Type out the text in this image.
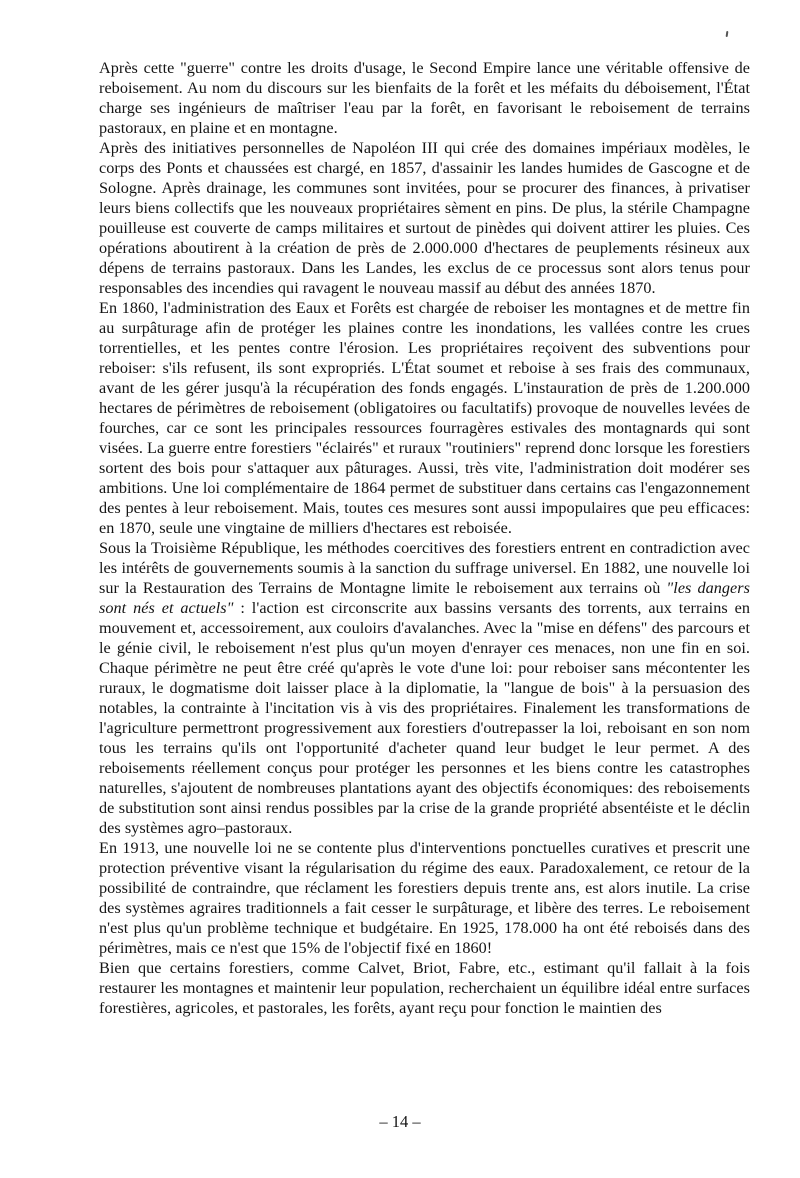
Après cette "guerre" contre les droits d'usage, le Second Empire lance une véritable offensive de reboisement. Au nom du discours sur les bienfaits de la forêt et les méfaits du déboisement, l'État charge ses ingénieurs de maîtriser l'eau par la forêt, en favorisant le reboisement de terrains pastoraux, en plaine et en montagne.

Après des initiatives personnelles de Napoléon III qui crée des domaines impériaux modèles, le corps des Ponts et chaussées est chargé, en 1857, d'assainir les landes humides de Gascogne et de Sologne. Après drainage, les communes sont invitées, pour se procurer des finances, à privatiser leurs biens collectifs que les nouveaux propriétaires sèment en pins. De plus, la stérile Champagne pouilleuse est couverte de camps militaires et surtout de pinèdes qui doivent attirer les pluies. Ces opérations aboutirent à la création de près de 2.000.000 d'hectares de peuplements résineux aux dépens de terrains pastoraux. Dans les Landes, les exclus de ce processus sont alors tenus pour responsables des incendies qui ravagent le nouveau massif au début des années 1870.

En 1860, l'administration des Eaux et Forêts est chargée de reboiser les montagnes et de mettre fin au surpâturage afin de protéger les plaines contre les inondations, les vallées contre les crues torrentielles, et les pentes contre l'érosion. Les propriétaires reçoivent des subventions pour reboiser: s'ils refusent, ils sont expropriés. L'État soumet et reboise à ses frais des communaux, avant de les gérer jusqu'à la récupération des fonds engagés. L'instauration de près de 1.200.000 hectares de périmètres de reboisement (obligatoires ou facultatifs) provoque de nouvelles levées de fourches, car ce sont les principales ressources fourragères estivales des montagnards qui sont visées. La guerre entre forestiers "éclairés" et ruraux "routiniers" reprend donc lorsque les forestiers sortent des bois pour s'attaquer aux pâturages. Aussi, très vite, l'administration doit modérer ses ambitions. Une loi complémentaire de 1864 permet de substituer dans certains cas l'engazonnement des pentes à leur reboisement. Mais, toutes ces mesures sont aussi impopulaires que peu efficaces: en 1870, seule une vingtaine de milliers d'hectares est reboisée.

Sous la Troisième République, les méthodes coercitives des forestiers entrent en contradiction avec les intérêts de gouvernements soumis à la sanction du suffrage universel. En 1882, une nouvelle loi sur la Restauration des Terrains de Montagne limite le reboisement aux terrains où "les dangers sont nés et actuels" : l'action est circonscrite aux bassins versants des torrents, aux terrains en mouvement et, accessoirement, aux couloirs d'avalanches. Avec la "mise en défens" des parcours et le génie civil, le reboisement n'est plus qu'un moyen d'enrayer ces menaces, non une fin en soi. Chaque périmètre ne peut être créé qu'après le vote d'une loi: pour reboiser sans mécontenter les ruraux, le dogmatisme doit laisser place à la diplomatie, la "langue de bois" à la persuasion des notables, la contrainte à l'incitation vis à vis des propriétaires. Finalement les transformations de l'agriculture permettront progressivement aux forestiers d'outrepasser la loi, reboisant en son nom tous les terrains qu'ils ont l'opportunité d'acheter quand leur budget le leur permet. A des reboisements réellement conçus pour protéger les personnes et les biens contre les catastrophes naturelles, s'ajoutent de nombreuses plantations ayant des objectifs économiques: des reboisements de substitution sont ainsi rendus possibles par la crise de la grande propriété absentéiste et le déclin des systèmes agro–pastoraux.

En 1913, une nouvelle loi ne se contente plus d'interventions ponctuelles curatives et prescrit une protection préventive visant la régularisation du régime des eaux. Paradoxalement, ce retour de la possibilité de contraindre, que réclament les forestiers depuis trente ans, est alors inutile. La crise des systèmes agraires traditionnels a fait cesser le surpâturage, et libère des terres. Le reboisement n'est plus qu'un problème technique et budgétaire. En 1925, 178.000 ha ont été reboisés dans des périmètres, mais ce n'est que 15% de l'objectif fixé en 1860!

Bien que certains forestiers, comme Calvet, Briot, Fabre, etc., estimant qu'il fallait à la fois restaurer les montagnes et maintenir leur population, recherchaient un équilibre idéal entre surfaces forestières, agricoles, et pastorales, les forêts, ayant reçu pour fonction le maintien des

– 14 –
